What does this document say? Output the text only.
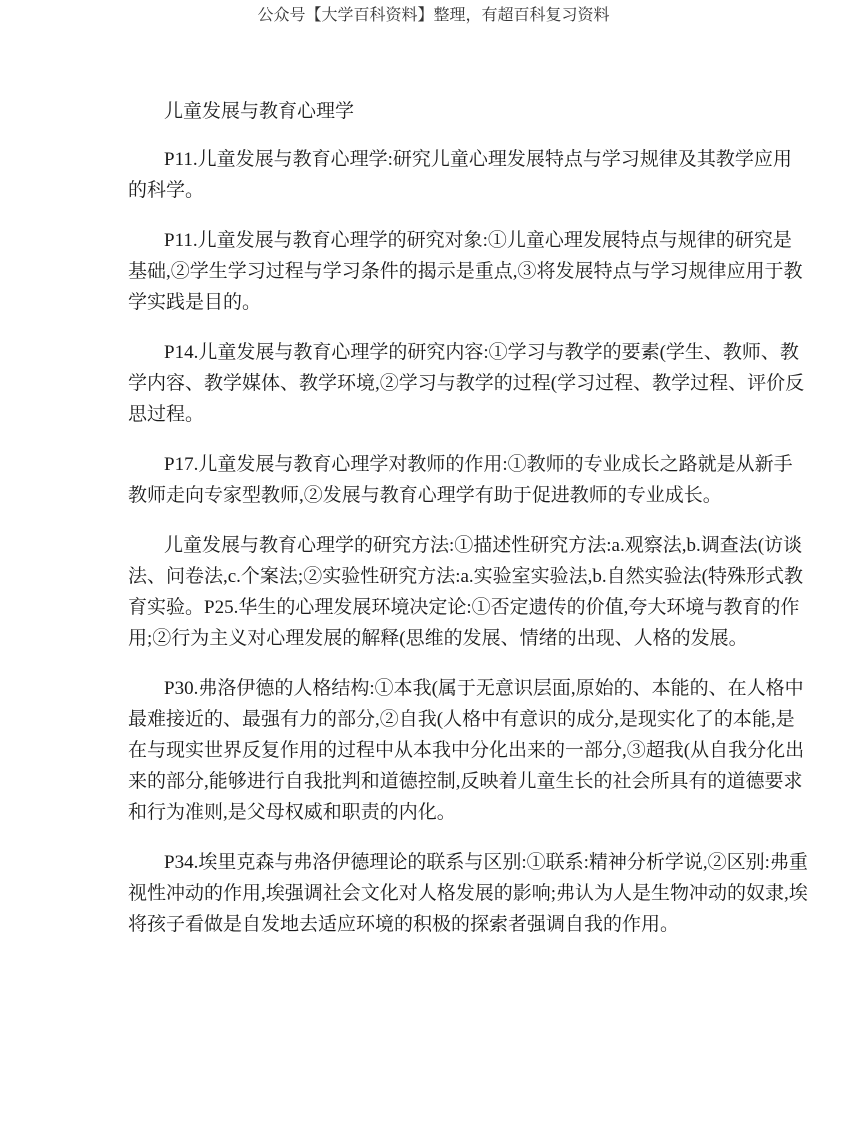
公众号【大学百科资料】整理，有超百科复习资料
儿童发展与教育心理学
P11.儿童发展与教育心理学:研究儿童心理发展特点与学习规律及其教学应用
的科学。
P11.儿童发展与教育心理学的研究对象:①儿童心理发展特点与规律的研究是
基础,②学生学习过程与学习条件的揭示是重点,③将发展特点与学习规律应用于教
学实践是目的。
P14.儿童发展与教育心理学的研究内容:①学习与教学的要素(学生、教师、教
学内容、教学媒体、教学环境,②学习与教学的过程(学习过程、教学过程、评价反
思过程。
P17.儿童发展与教育心理学对教师的作用:①教师的专业成长之路就是从新手
教师走向专家型教师,②发展与教育心理学有助于促进教师的专业成长。
儿童发展与教育心理学的研究方法:①描述性研究方法:a.观察法,b.调查法(访谈
法、问卷法,c.个案法;②实验性研究方法:a.实验室实验法,b.自然实验法(特殊形式教
育实验。P25.华生的心理发展环境决定论:①否定遗传的价值,夸大环境与教育的作
用;②行为主义对心理发展的解释(思维的发展、情绪的出现、人格的发展。
P30.弗洛伊德的人格结构:①本我(属于无意识层面,原始的、本能的、在人格中
最难接近的、最强有力的部分,②自我(人格中有意识的成分,是现实化了的本能,是
在与现实世界反复作用的过程中从本我中分化出来的一部分,③超我(从自我分化出
来的部分,能够进行自我批判和道德控制,反映着儿童生长的社会所具有的道德要求
和行为准则,是父母权威和职责的内化。
P34.埃里克森与弗洛伊德理论的联系与区别:①联系:精神分析学说,②区别:弗重
视性冲动的作用,埃强调社会文化对人格发展的影响;弗认为人是生物冲动的奴隶,埃
将孩子看做是自发地去适应环境的积极的探索者强调自我的作用。
